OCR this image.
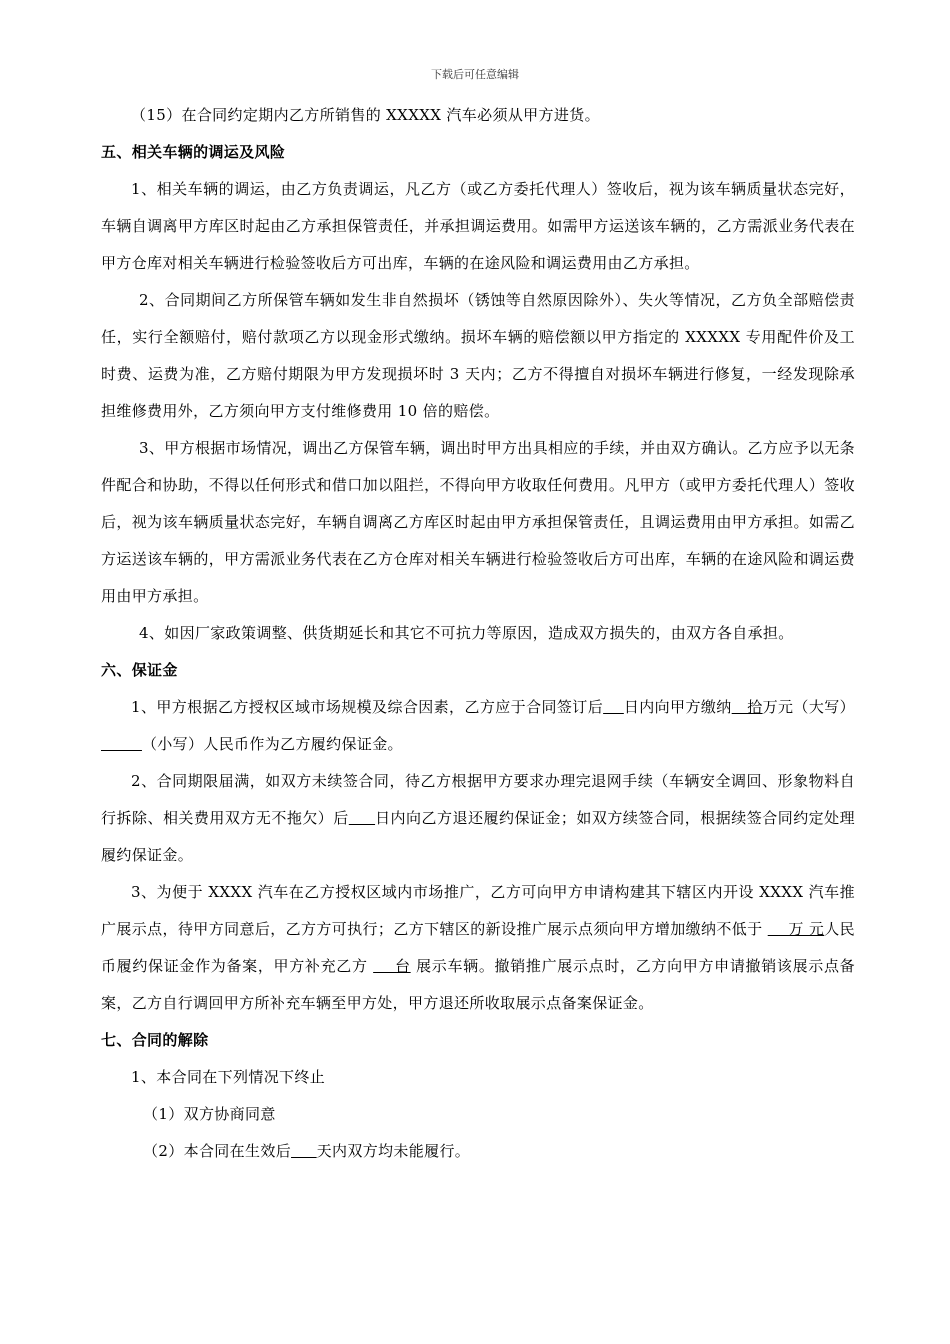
下载后可任意编辑

（15）在合同约定期内乙方所销售的 XXXXX 汽车必须从甲方进货。

五、相关车辆的调运及风险

1、相关车辆的调运，由乙方负责调运，凡乙方（或乙方委托代理人）签收后，视为该车辆质量状态完好，车辆自调离甲方库区时起由乙方承担保管责任，并承担调运费用。如需甲方运送该车辆的，乙方需派业务代表在甲方仓库对相关车辆进行检验签收后方可出库，车辆的在途风险和调运费用由乙方承担。

2、合同期间乙方所保管车辆如发生非自然损坏（锈蚀等自然原因除外）、失火等情况，乙方负全部赔偿责任，实行全额赔付，赔付款项乙方以现金形式缴纳。损坏车辆的赔偿额以甲方指定的 XXXXX 专用配件价及工时费、运费为准，乙方赔付期限为甲方发现损坏时 3 天内；乙方不得擅自对损坏车辆进行修复，一经发现除承担维修费用外，乙方须向甲方支付维修费用 10 倍的赔偿。

3、甲方根据市场情况，调出乙方保管车辆，调出时甲方出具相应的手续，并由双方确认。乙方应予以无条件配合和协助，不得以任何形式和借口加以阻拦，不得向甲方收取任何费用。凡甲方（或甲方委托代理人）签收后，视为该车辆质量状态完好，车辆自调离乙方库区时起由甲方承担保管责任，且调运费用由甲方承担。如需乙方运送该车辆的，甲方需派业务代表在乙方仓库对相关车辆进行检验签收后方可出库，车辆的在途风险和调运费用由甲方承担。

4、如因厂家政策调整、供货期延长和其它不可抗力等原因，造成双方损失的，由双方各自承担。

六、保证金

1、甲方根据乙方授权区域市场规模及综合因素，乙方应于合同签订后 日内向甲方缴纳   拾万元（大写）        （小写）人民币作为乙方履约保证金。

2、合同期限届满，如双方未续签合同，待乙方根据甲方要求办理完退网手续（车辆安全调回、形象物料自行拆除、相关费用双方无不拖欠）后 日内向乙方退还履约保证金；如双方续签合同，根据续签合同约定处理履约保证金。

3、为便于 XXXX 汽车在乙方授权区域内市场推广，乙方可向甲方申请构建其下辖区内开设 XXXX 汽车推广展示点，待甲方同意后，乙方方可执行；乙方下辖区的新设推广展示点须向甲方增加缴纳不低于     万 元人民币履约保证金作为备案，甲方补充乙方     台 展示车辆。撤销推广展示点时，乙方向甲方申请撤销该展示点备案，乙方自行调回甲方所补充车辆至甲方处，甲方退还所收取展示点备案保证金。

七、合同的解除

1、本合同在下列情况下终止

（1）双方协商同意

（2）本合同在生效后 天内双方均未能履行。
